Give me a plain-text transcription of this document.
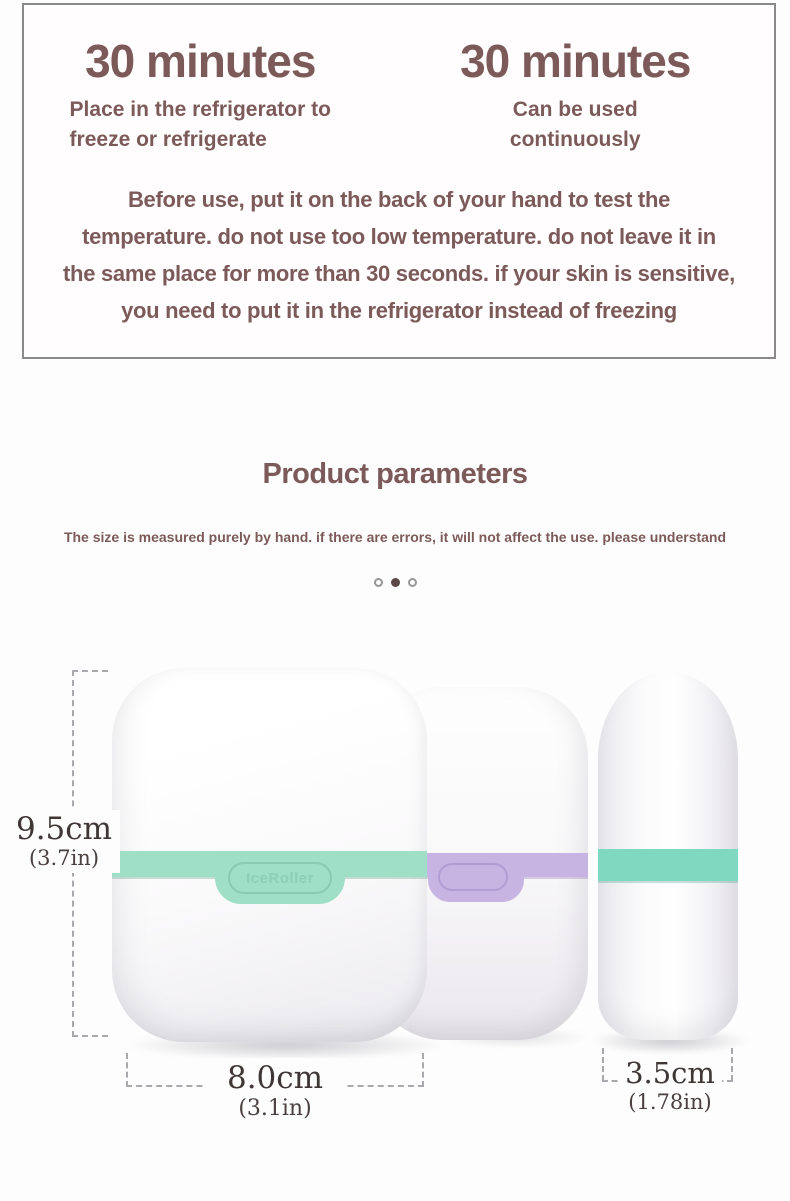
30 minutes
Place in the refrigerator to
freeze or refrigerate
30 minutes
Can be used
continuously
Before use, put it on the back of your hand to test the
temperature. do not use too low temperature. do not leave it in
the same place for more than 30 seconds. if your skin is sensitive,
you need to put it in the refrigerator instead of freezing
Product parameters
The size is measured purely by hand. if there are errors, it will not affect the use. please understand
IceRoller
9.5cm
(3.7in)
8.0cm
(3.1in)
3.5cm
(1.78in)
